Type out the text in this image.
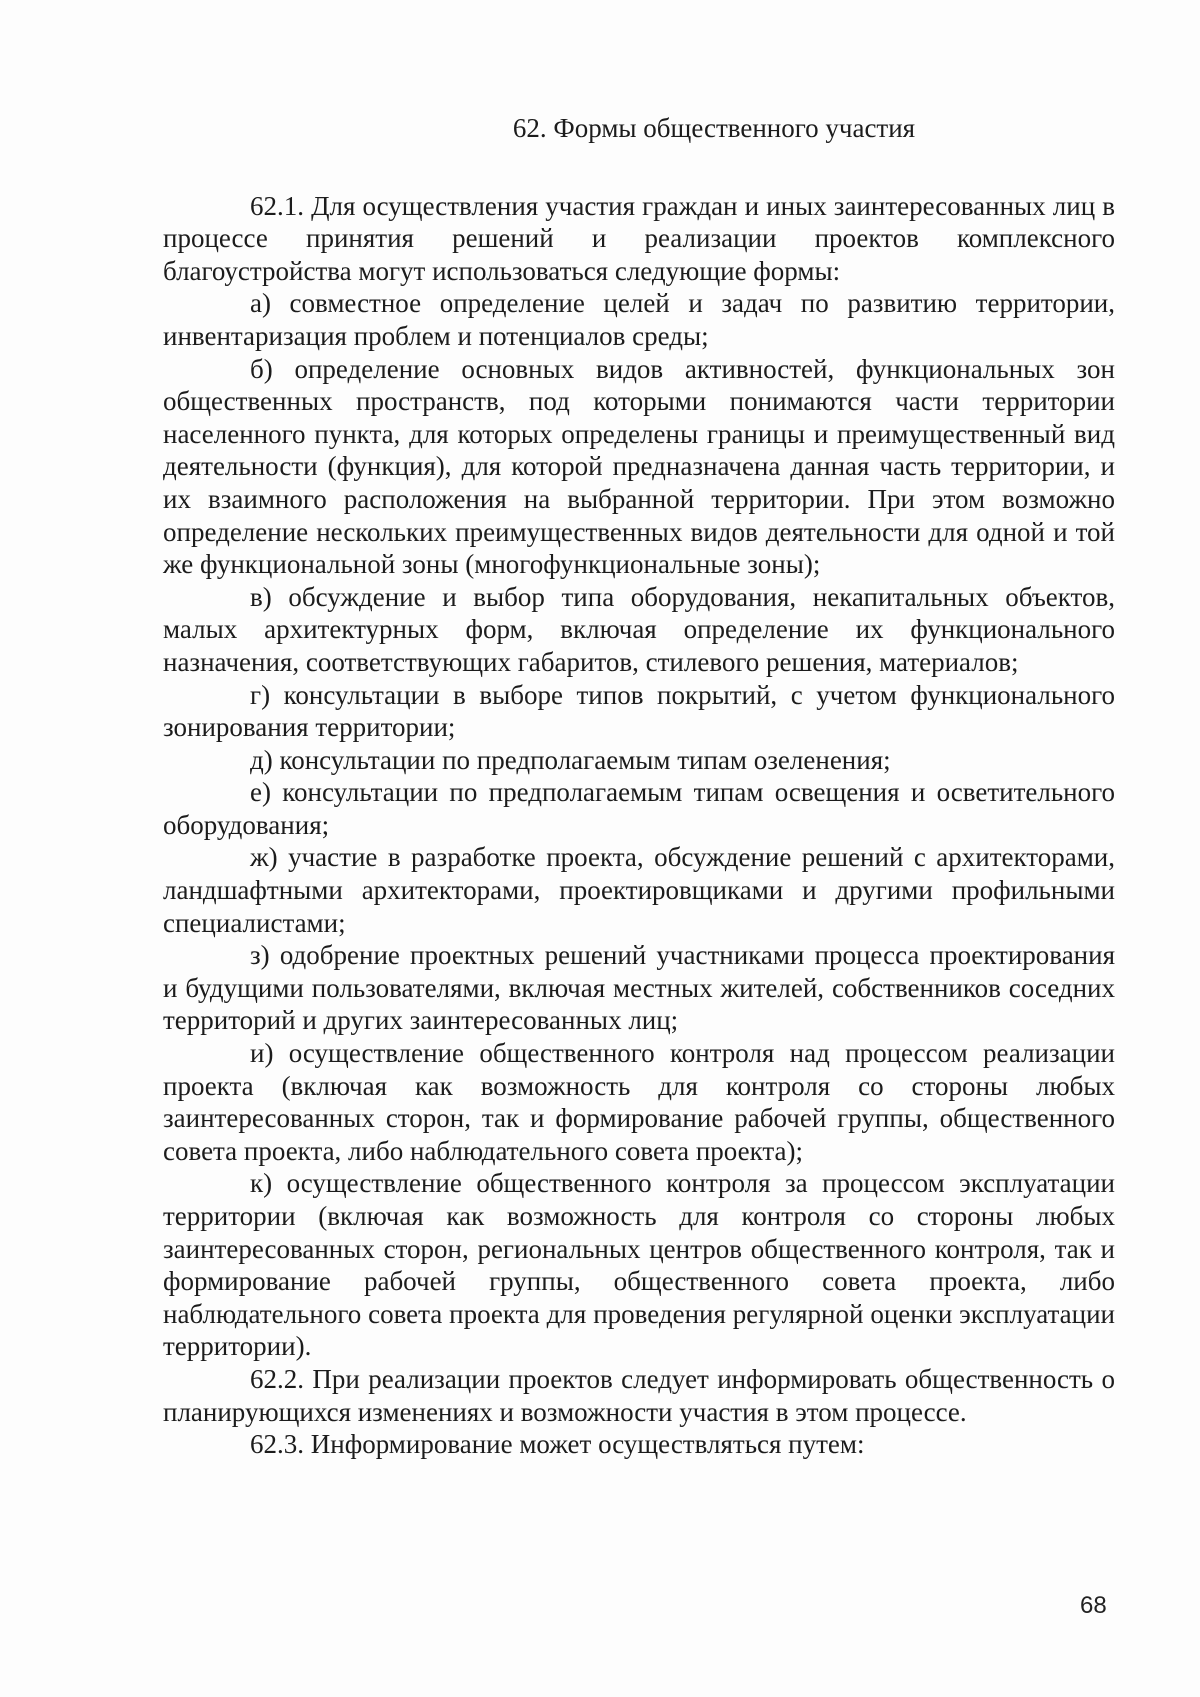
62. Формы общественного участия

62.1. Для осуществления участия граждан и иных заинтересованных лиц в процессе принятия решений и реализации проектов комплексного благоустройства могут использоваться следующие формы:

а) совместное определение целей и задач по развитию территории, инвентаризация проблем и потенциалов среды;

б) определение основных видов активностей, функциональных зон общественных пространств, под которыми понимаются части территории населенного пункта, для которых определены границы и преимущественный вид деятельности (функция), для которой предназначена данная часть территории, и их взаимного расположения на выбранной территории. При этом возможно определение нескольких преимущественных видов деятельности для одной и той же функциональной зоны (многофункциональные зоны);

в) обсуждение и выбор типа оборудования, некапитальных объектов, малых архитектурных форм, включая определение их функционального назначения, соответствующих габаритов, стилевого решения, материалов;

г) консультации в выборе типов покрытий, с учетом функционального зонирования территории;

д) консультации по предполагаемым типам озеленения;

е) консультации по предполагаемым типам освещения и осветительного оборудования;

ж) участие в разработке проекта, обсуждение решений с архитекторами, ландшафтными архитекторами, проектировщиками и другими профильными специалистами;

з) одобрение проектных решений участниками процесса проектирования и будущими пользователями, включая местных жителей, собственников соседних территорий и других заинтересованных лиц;

и) осуществление общественного контроля над процессом реализации проекта (включая как возможность для контроля со стороны любых заинтересованных сторон, так и формирование рабочей группы, общественного совета проекта, либо наблюдательного совета проекта);

к) осуществление общественного контроля за процессом эксплуатации территории (включая как возможность для контроля со стороны любых заинтересованных сторон, региональных центров общественного контроля, так и формирование рабочей группы, общественного совета проекта, либо наблюдательного совета проекта для проведения регулярной оценки эксплуатации территории).

62.2. При реализации проектов следует информировать общественность о планирующихся изменениях и возможности участия в этом процессе.

62.3. Информирование может осуществляться путем:

68
